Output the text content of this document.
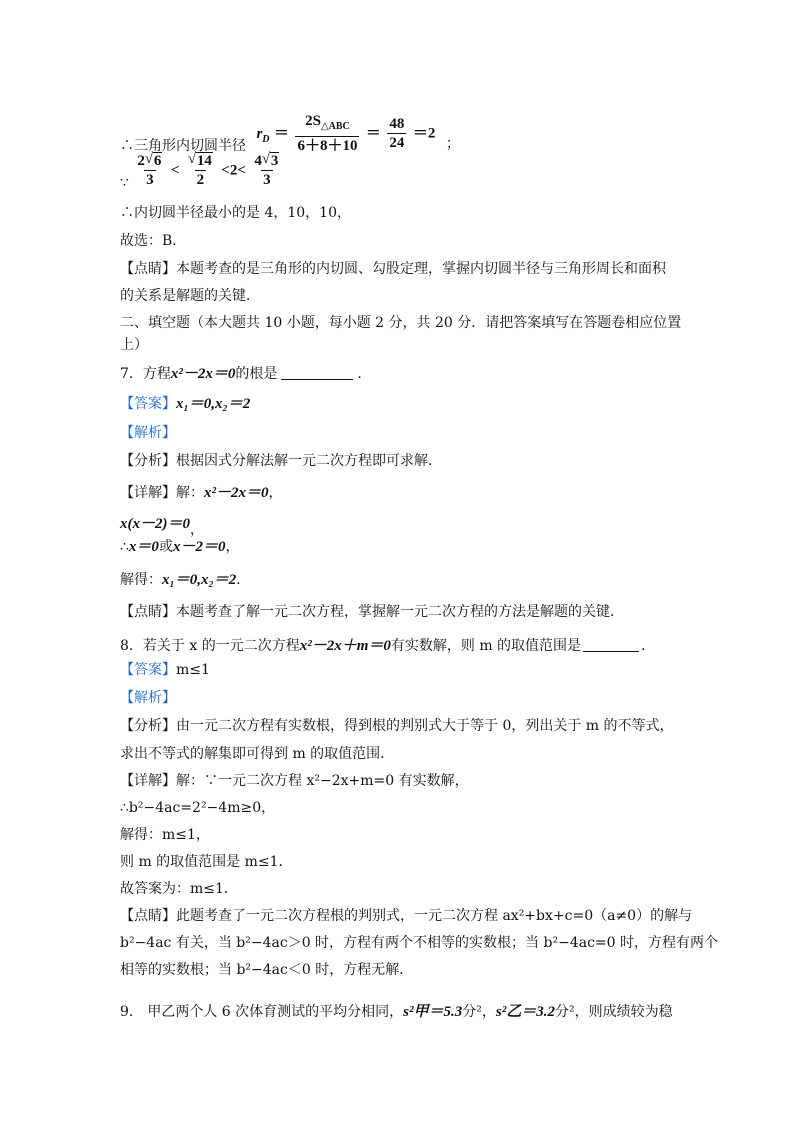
∴三角形内切圆半径 $r_D = \frac{2S_{\triangle ABC}}{6+8+10} = \frac{48}{24} =2$ ；
∵ $\frac{2 √ 6}{3} < \frac{√ 14}{2} <2< \frac{4 √ 3}{3}$
∴内切圆半径最小的是 4，10，10，
故选：B．
【点睛】本题考查的是三角形的内切圆、勾股定理，掌握内切圆半径与三角形周长和面积
的关系是解题的关键．
二、填空题（本大题共 10 小题，每小题 2 分，共 20 分．请把答案填写在答题卷相应位置
上）
7．方程x²－2x＝0的根是	．
【答案】x₁＝0,x₂＝2
【解析】
【分析】根据因式分解法解一元二次方程即可求解．
【详解】解：x²－2x＝0，
x(x－2)＝0，
∴x＝0或x－2＝0，
解得：x₁＝0,x₂＝2．
【点睛】本题考查了解一元二次方程，掌握解一元二次方程的方法是解题的关键．
8．若关于 x 的一元二次方程x²－2x＋m＝0有实数解，则 m 的取值范围是	．
【答案】m≤1
【解析】
【分析】由一元二次方程有实数根，得到根的判别式大于等于 0，列出关于 m 的不等式，
求出不等式的解集即可得到 m 的取值范围．
【详解】解：∵一元二次方程 x²−2x+m=0 有实数解，
∴b²−4ac=2²−4m≥0，
解得：m≤1，
则 m 的取值范围是 m≤1．
故答案为：m≤1．
【点睛】此题考查了一元二次方程根的判别式，一元二次方程 ax²+bx+c=0（a≠0）的解与
b²−4ac 有关，当 b²−4ac＞0 时，方程有两个不相等的实数根；当 b²−4ac=0 时，方程有两个
相等的实数根；当 b²−4ac＜0 时，方程无解．
9． 甲乙两个人 6 次体育测试的平均分相同，s²甲＝5.3分²，s²乙＝3.2分²，则成绩较为稳
